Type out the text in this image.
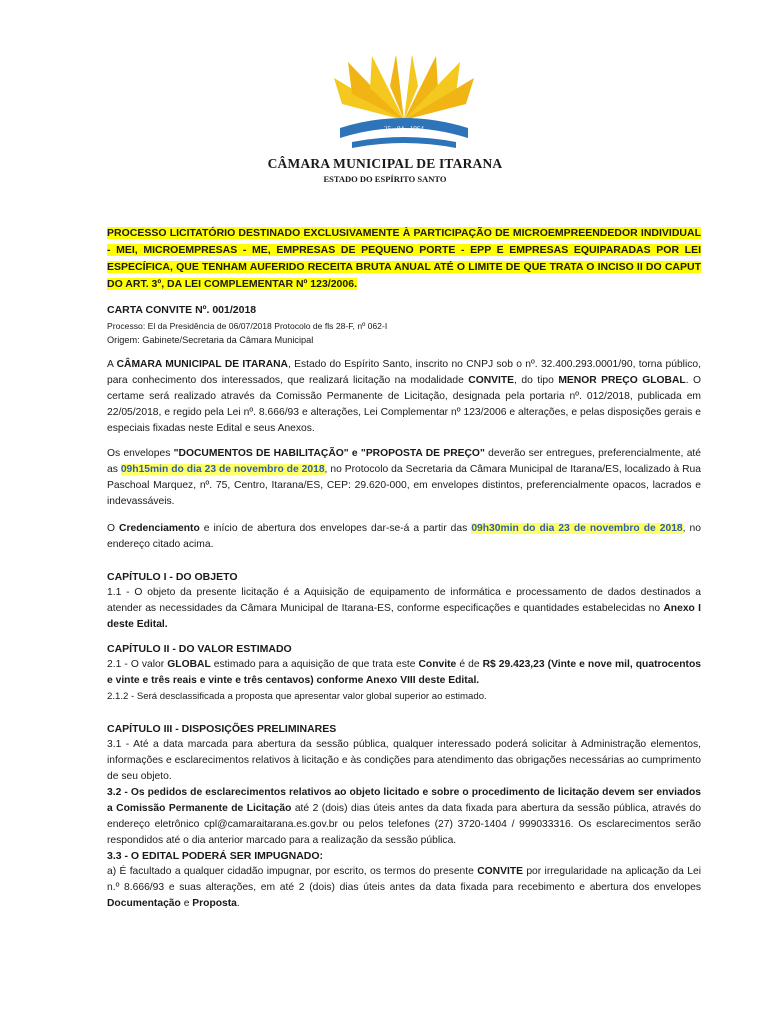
25 · 04 · 1964
CÂMARA MUNICIPAL DE ITARANA
ESTADO DO ESPÍRITO SANTO

PROCESSO LICITATÓRIO DESTINADO EXCLUSIVAMENTE À PARTICIPAÇÃO DE MICROEMPREENDEDOR INDIVIDUAL - MEI, MICROEMPRESAS - ME, EMPRESAS DE PEQUENO PORTE - EPP E EMPRESAS EQUIPARADAS POR LEI ESPECÍFICA, QUE TENHAM AUFERIDO RECEITA BRUTA ANUAL ATÉ O LIMITE DE QUE TRATA O INCISO II DO CAPUT DO ART. 3º, DA LEI COMPLEMENTAR Nº 123/2006.

CARTA CONVITE Nº. 001/2018

Processo: El da Presidência de 06/07/2018 Protocolo de fls 28-F, nº 062-I

Origem: Gabinete/Secretaria da Câmara Municipal

A CÂMARA MUNICIPAL DE ITARANA, Estado do Espírito Santo, inscrito no CNPJ sob o nº. 32.400.293.0001/90, torna público, para conhecimento dos interessados, que realizará licitação na modalidade CONVITE, do tipo MENOR PREÇO GLOBAL. O certame será realizado através da Comissão Permanente de Licitação, designada pela portaria nº. 012/2018, publicada em 22/05/2018, e regido pela Lei nº. 8.666/93 e alterações, Lei Complementar nº 123/2006 e alterações, e pelas disposições gerais e especiais fixadas neste Edital e seus Anexos.

Os envelopes "DOCUMENTOS DE HABILITAÇÃO" e "PROPOSTA DE PREÇO" deverão ser entregues, preferencialmente, até as 09h15min do dia 23 de novembro de 2018, no Protocolo da Secretaria da Câmara Municipal de Itarana/ES, localizado à Rua Paschoal Marquez, nº. 75, Centro, Itarana/ES, CEP: 29.620-000, em envelopes distintos, preferencialmente opacos, lacrados e indevassáveis.

O Credenciamento e início de abertura dos envelopes dar-se-á a partir das 09h30min do dia 23 de novembro de 2018, no endereço citado acima.

CAPÍTULO I - DO OBJETO

1.1 - O objeto da presente licitação é a Aquisição de equipamento de informática e processamento de dados destinados a atender as necessidades da Câmara Municipal de Itarana-ES, conforme especificações e quantidades estabelecidas no Anexo I deste Edital.

CAPÍTULO II - DO VALOR ESTIMADO

2.1 - O valor GLOBAL estimado para a aquisição de que trata este Convite é de R$ 29.423,23 (Vinte e nove mil, quatrocentos e vinte e três reais e vinte e três centavos) conforme Anexo VIII deste Edital.

2.1.2 - Será desclassificada a proposta que apresentar valor global superior ao estimado.

CAPÍTULO III - DISPOSIÇÕES PRELIMINARES

3.1 - Até a data marcada para abertura da sessão pública, qualquer interessado poderá solicitar à Administração elementos, informações e esclarecimentos relativos à licitação e às condições para atendimento das obrigações necessárias ao cumprimento de seu objeto.

3.2 - Os pedidos de esclarecimentos relativos ao objeto licitado e sobre o procedimento de licitação devem ser enviados a Comissão Permanente de Licitação até 2 (dois) dias úteis antes da data fixada para abertura da sessão pública, através do endereço eletrônico cpl@camaraitarana.es.gov.br ou pelos telefones (27) 3720-1404 / 999033316. Os esclarecimentos serão respondidos até o dia anterior marcado para a realização da sessão pública.

3.3 - O EDITAL PODERÁ SER IMPUGNADO:

a) É facultado a qualquer cidadão impugnar, por escrito, os termos do presente CONVITE por irregularidade na aplicação da Lei n.º 8.666/93 e suas alterações, em até 2 (dois) dias úteis antes da data fixada para recebimento e abertura dos envelopes Documentação e Proposta.
